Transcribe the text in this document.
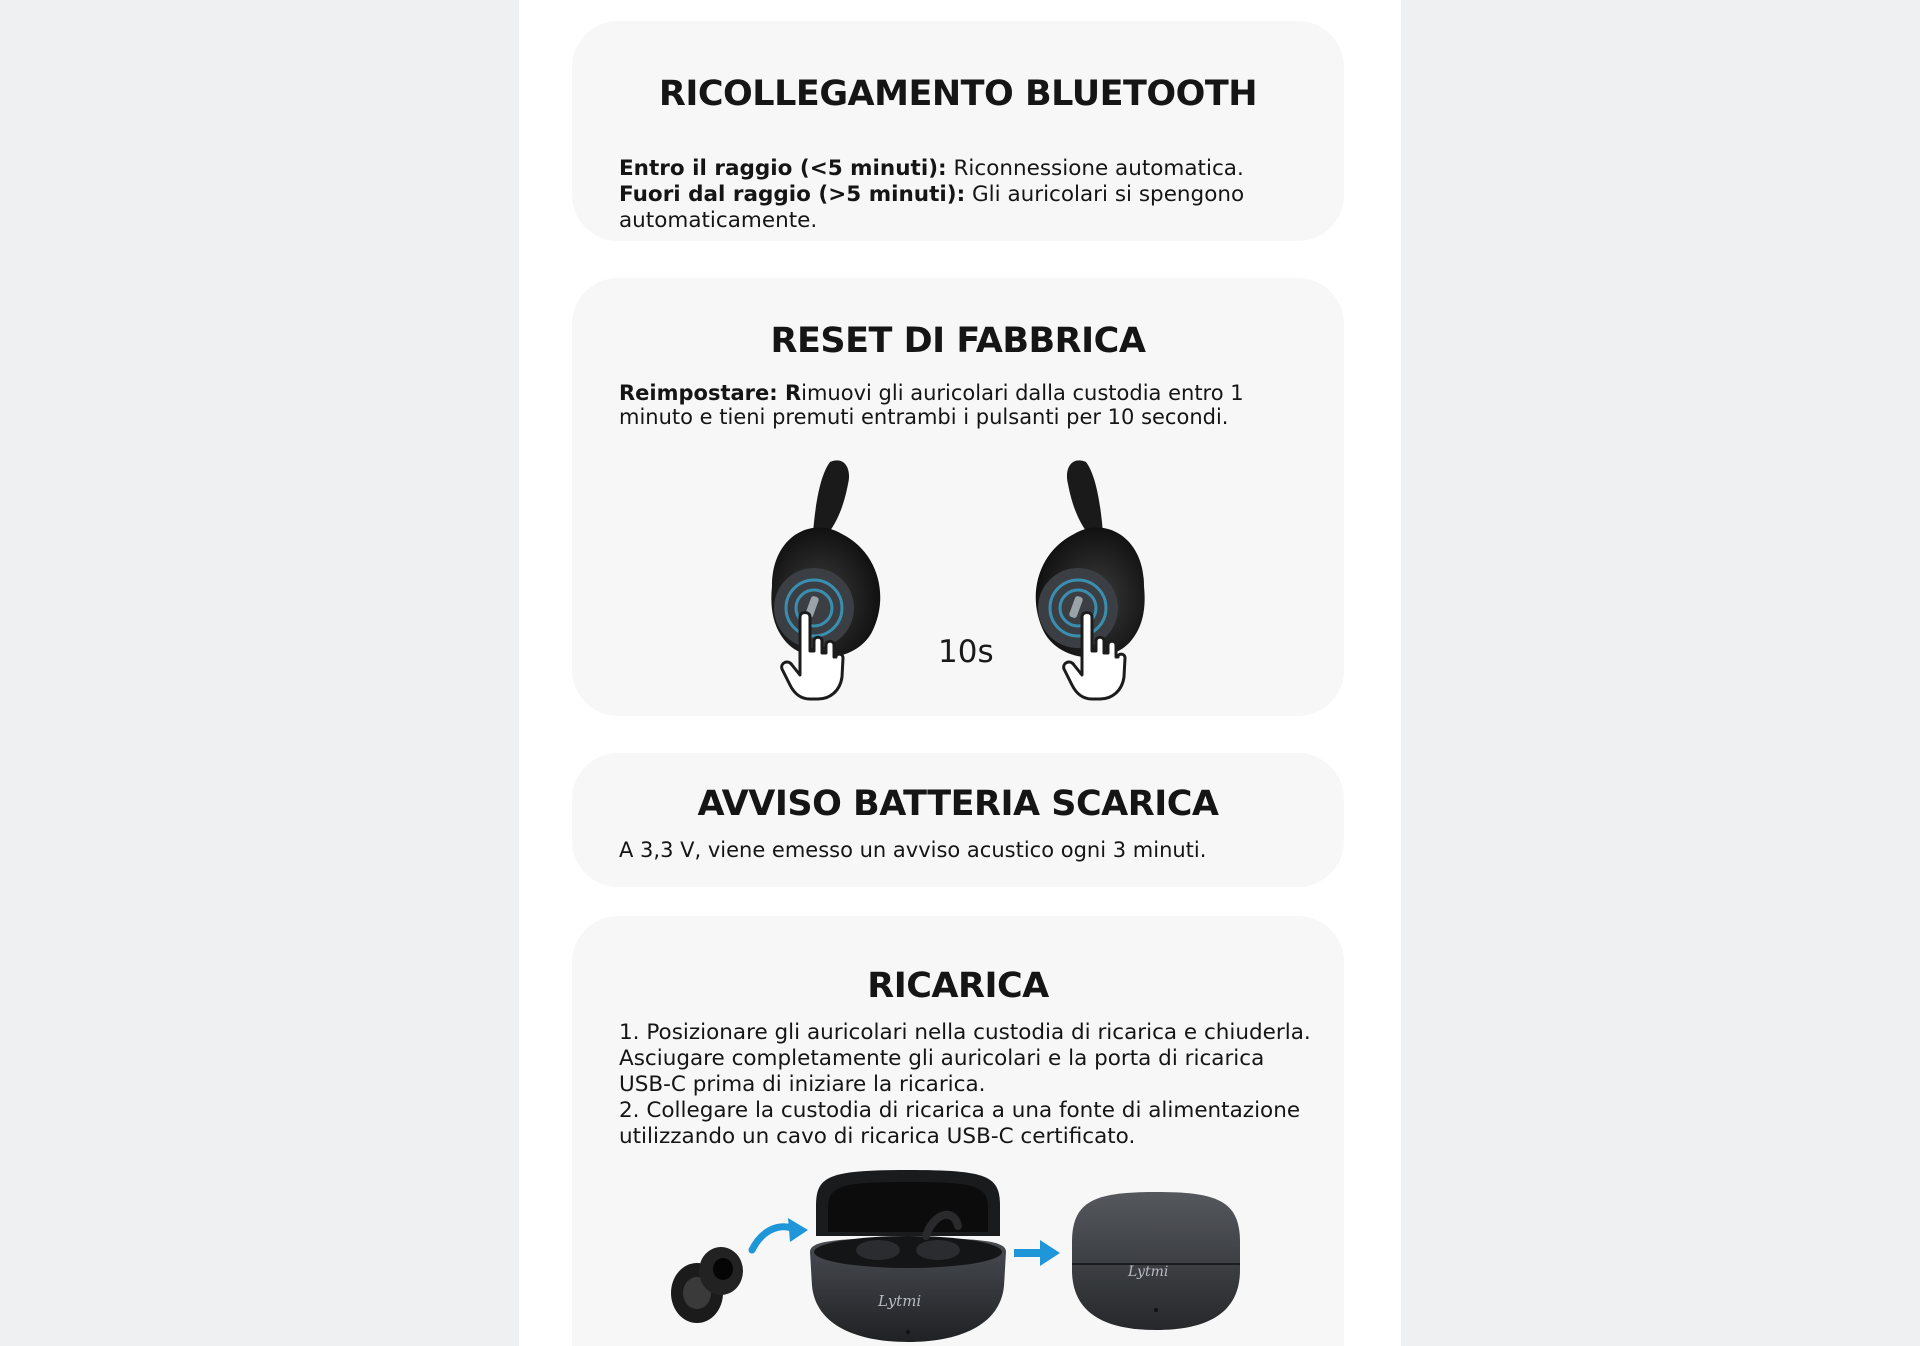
RICOLLEGAMENTO BLUETOOTH
Entro il raggio (<5 minuti): Riconnessione automatica.
Fuori dal raggio (>5 minuti): Gli auricolari si spengono
automaticamente.
RESET DI FABBRICA
Reimpostare: Rimuovi gli auricolari dalla custodia entro 1
minuto e tieni premuti entrambi i pulsanti per 10 secondi.
10s
AVVISO BATTERIA SCARICA
A 3,3 V, viene emesso un avviso acustico ogni 3 minuti.
RICARICA
1. Posizionare gli auricolari nella custodia di ricarica e chiuderla.
Asciugare completamente gli auricolari e la porta di ricarica
USB-C prima di iniziare la ricarica.
2. Collegare la custodia di ricarica a una fonte di alimentazione
utilizzando un cavo di ricarica USB-C certificato.
Lytmi
Lytmi
